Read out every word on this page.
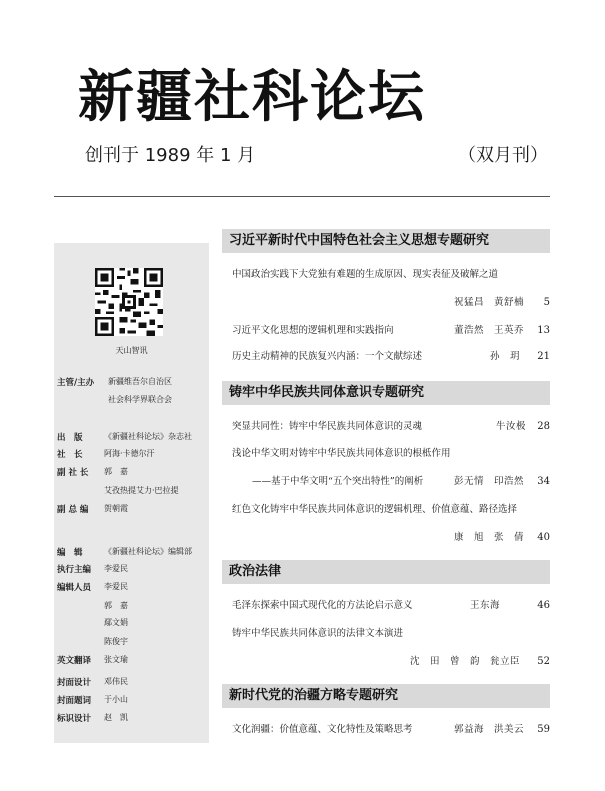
新疆社科论坛
创刊于 1989 年 1 月	（双月刊）
天山智讯
主管/主办 新疆维吾尔自治区
社会科学界联合会
出　版	《新疆社科论坛》杂志社
社　长	阿海·卡德尔汗
副 社 长 郭　嘉
艾孜热提艾力·巴拉提
副 总 编 贺朝霞
编　辑	《新疆社科论坛》编辑部
执行主编 李爱民
编辑人员 李爱民
郭　嘉
鄢文娟
陈俊宇
英文翻译 张文瑜
封面设计 邓伟民
封面题词 于小山
标识设计 赵　凯
习近平新时代中国特色社会主义思想专题研究
中国政治实践下大党独有难题的生成原因、现实表征及破解之道
祝猛昌　黄舒楠	5
习近平文化思想的逻辑机理和实践指向	董浩然　王英乔	13
历史主动精神的民族复兴内涵：一个文献综述	孙　玥	21
铸牢中华民族共同体意识专题研究
突显共同性：铸牢中华民族共同体意识的灵魂	牛汝极	28
浅论中华文明对铸牢中华民族共同体意识的根柢作用
——基于中华文明“五个突出特性”的阐析	彭无情　印浩然	34
红色文化铸牢中华民族共同体意识的逻辑机理、价值意蕴、路径选择
康　旭　张　倩	40
政治法律
毛泽东探索中国式现代化的方法论启示意义	王东海	46
铸牢中华民族共同体意识的法律文本演进
沈　田　曾　韵　瓮立臣	52
新时代党的治疆方略专题研究
文化润疆：价值意蕴、文化特性及策略思考	郭益海　洪美云	59
